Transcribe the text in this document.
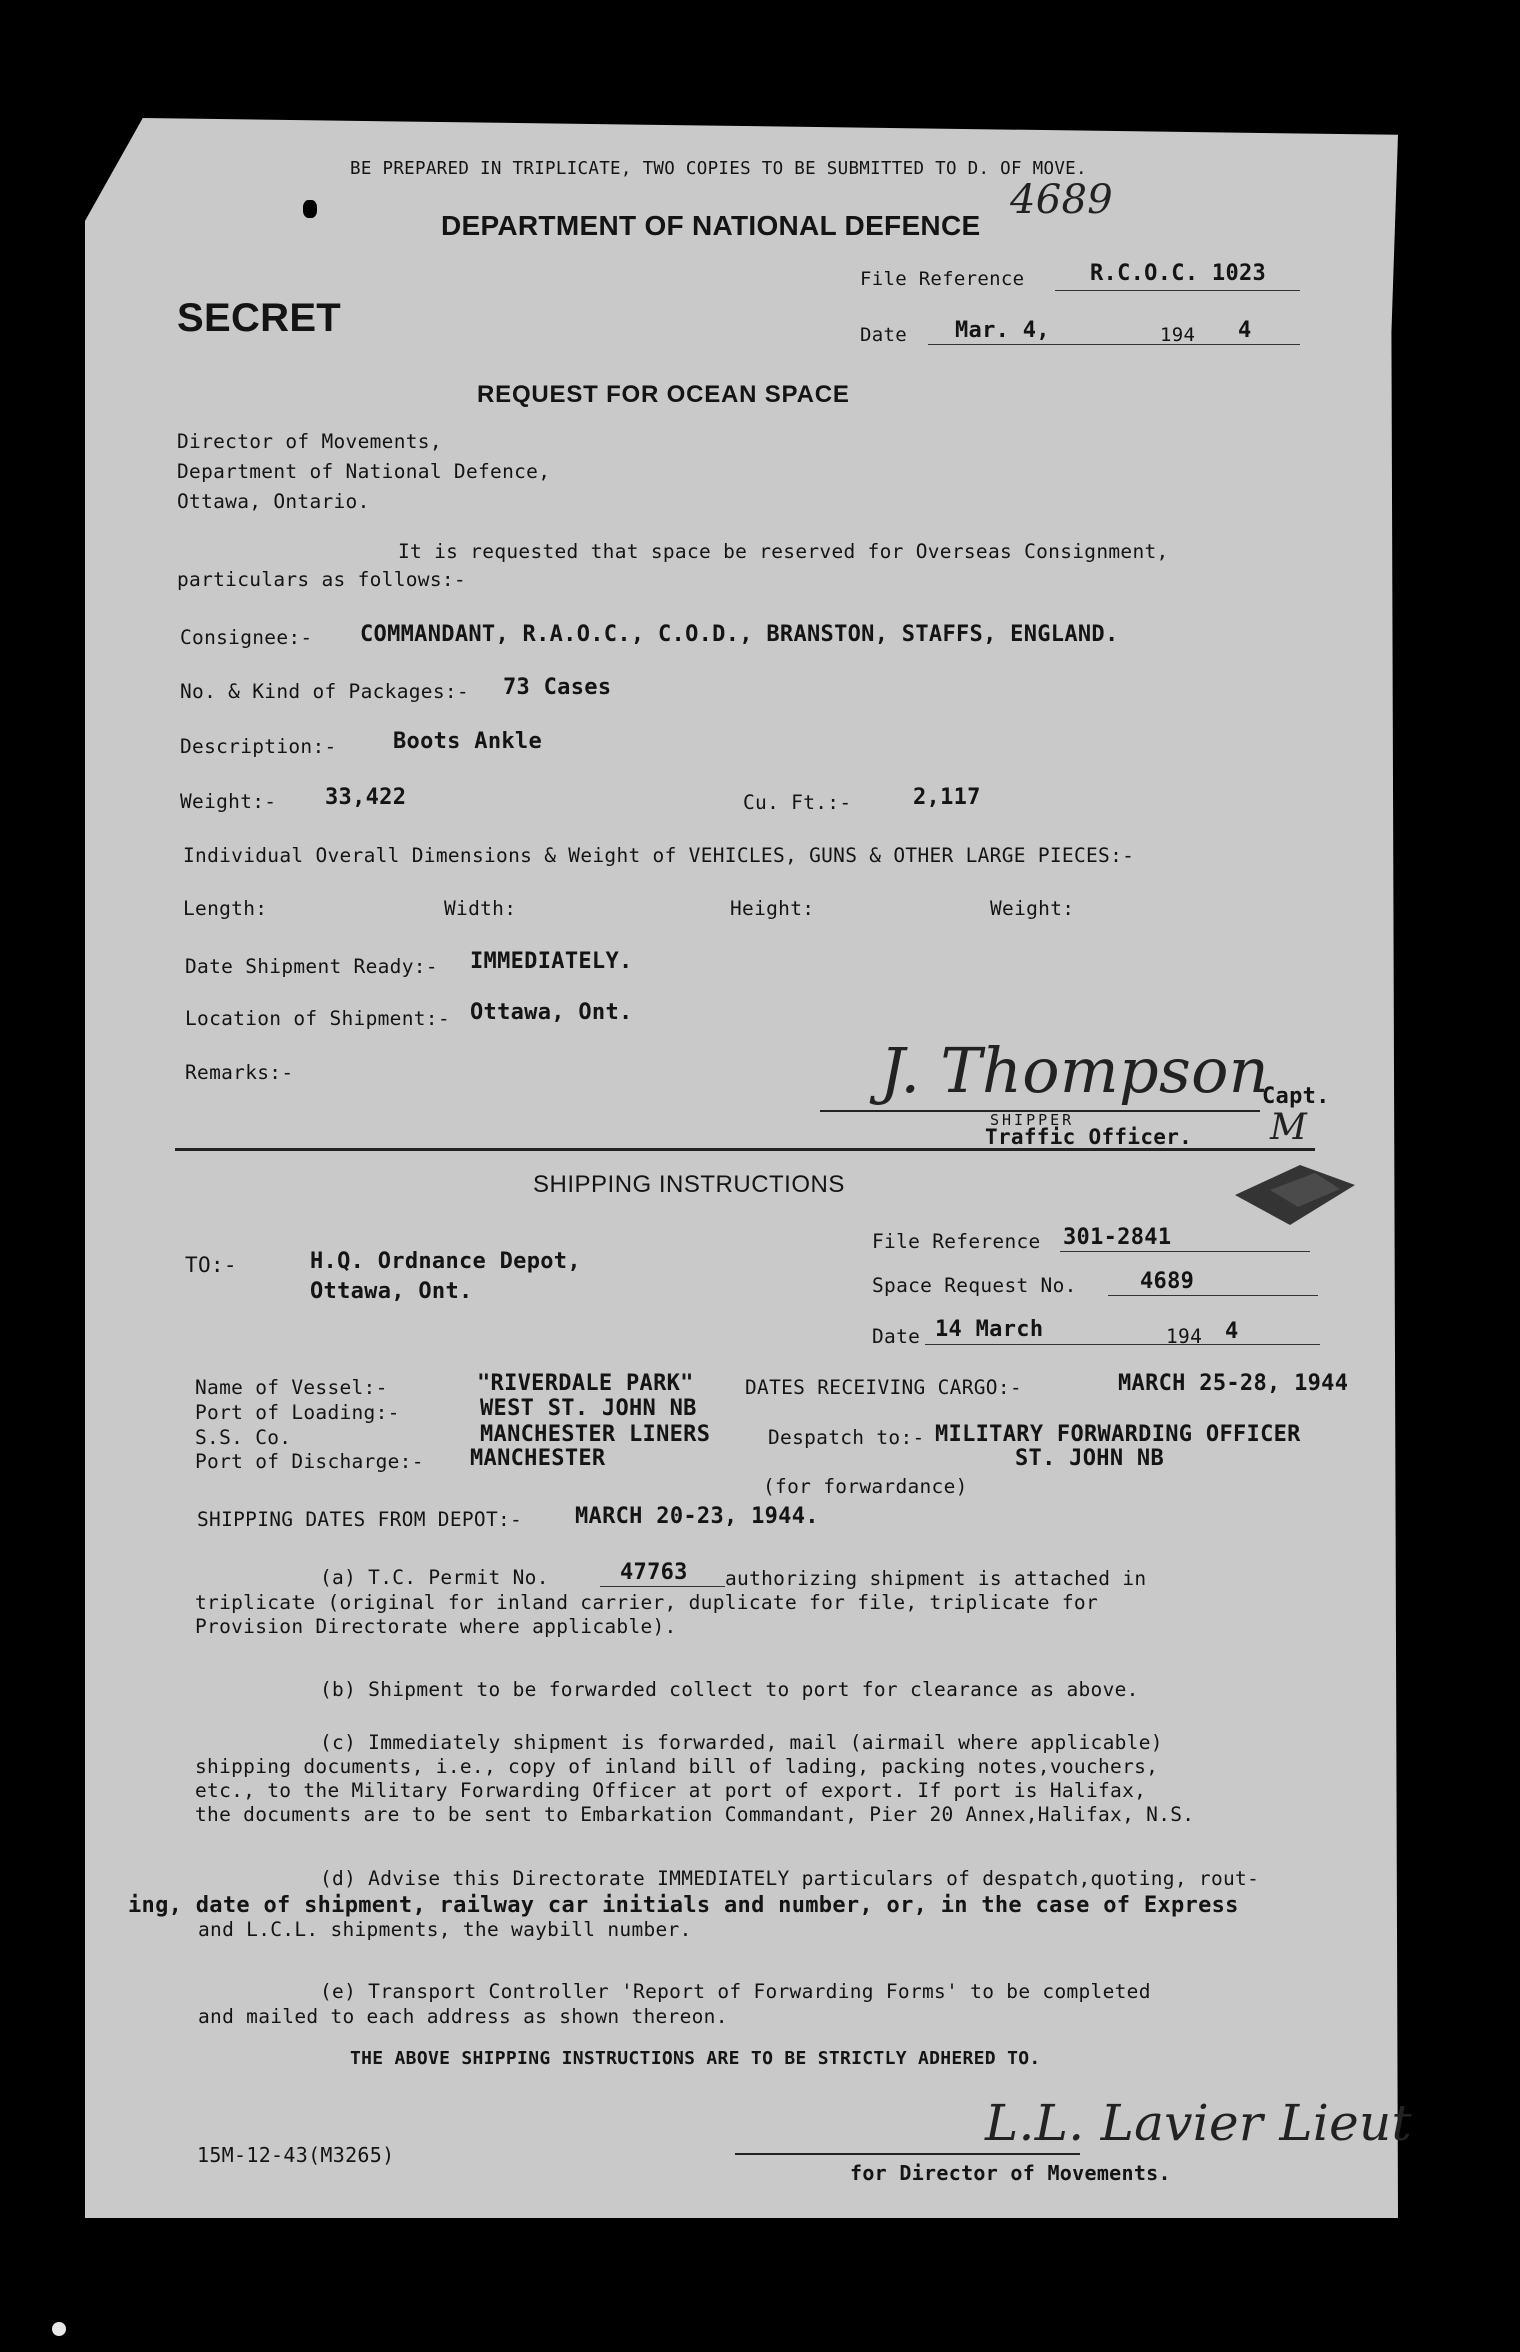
BE PREPARED IN TRIPLICATE, TWO COPIES TO BE SUBMITTED TO D. OF MOVE.
4689
DEPARTMENT OF NATIONAL DEFENCE
SECRET
File Reference	R.C.O.C. 1023
Date Mar. 4,	194 4
REQUEST FOR OCEAN SPACE
Director of Movements,
Department of National Defence,
Ottawa, Ontario.
It is requested that space be reserved for Overseas Consignment,
particulars as follows:-
Consignee:- COMMANDANT, R.A.O.C., C.O.D., BRANSTON, STAFFS, ENGLAND.
No. & Kind of Packages:- 73 Cases
Description:-	Boots Ankle
Weight:- 33,422	Cu. Ft.:-	2,117
Individual Overall Dimensions & Weight of VEHICLES, GUNS & OTHER LARGE PIECES:-
Length:	Width:	Height:	Weight:
Date Shipment Ready:- IMMEDIATELY.
Location of Shipment:- Ottawa, Ont.
Remarks:-	J. Thompson
Capt.
SHIPPER
Traffic Officer. M
SHIPPING INSTRUCTIONS
TO:-	H.Q. Ordnance Depot,
Ottawa, Ont.
File Reference 301-2841
Space Request No.	4689
Date 14 March	194 4
Name of Vessel:-	"RIVERDALE PARK"	DATES RECEIVING CARGO:-	MARCH 25-28, 1944
Port of Loading:-	WEST ST. JOHN NB
S.S. Co.	MANCHESTER LINERS	Despatch to:- MILITARY FORWARDING OFFICER
Port of Discharge:- MANCHESTER	ST. JOHN NB
(for forwardance)
SHIPPING DATES FROM DEPOT:- MARCH 20-23, 1944.
(a) T.C. Permit No.	47763 authorizing shipment is attached in
triplicate (original for inland carrier, duplicate for file, triplicate for
Provision Directorate where applicable).
(b) Shipment to be forwarded collect to port for clearance as above.
(c) Immediately shipment is forwarded, mail (airmail where applicable)
shipping documents, i.e., copy of inland bill of lading, packing notes,vouchers,
etc., to the Military Forwarding Officer at port of export. If port is Halifax,
the documents are to be sent to Embarkation Commandant, Pier 20 Annex,Halifax, N.S.
(d) Advise this Directorate IMMEDIATELY particulars of despatch,quoting, rout-
ing, date of shipment, railway car initials and number, or, in the case of Express
and L.C.L. shipments, the waybill number.
(e) Transport Controller 'Report of Forwarding Forms' to be completed
and mailed to each address as shown thereon.
THE ABOVE SHIPPING INSTRUCTIONS ARE TO BE STRICTLY ADHERED TO.
15M-12-43(M3265)
L.L. Lavier Lieut
for Director of Movements.
